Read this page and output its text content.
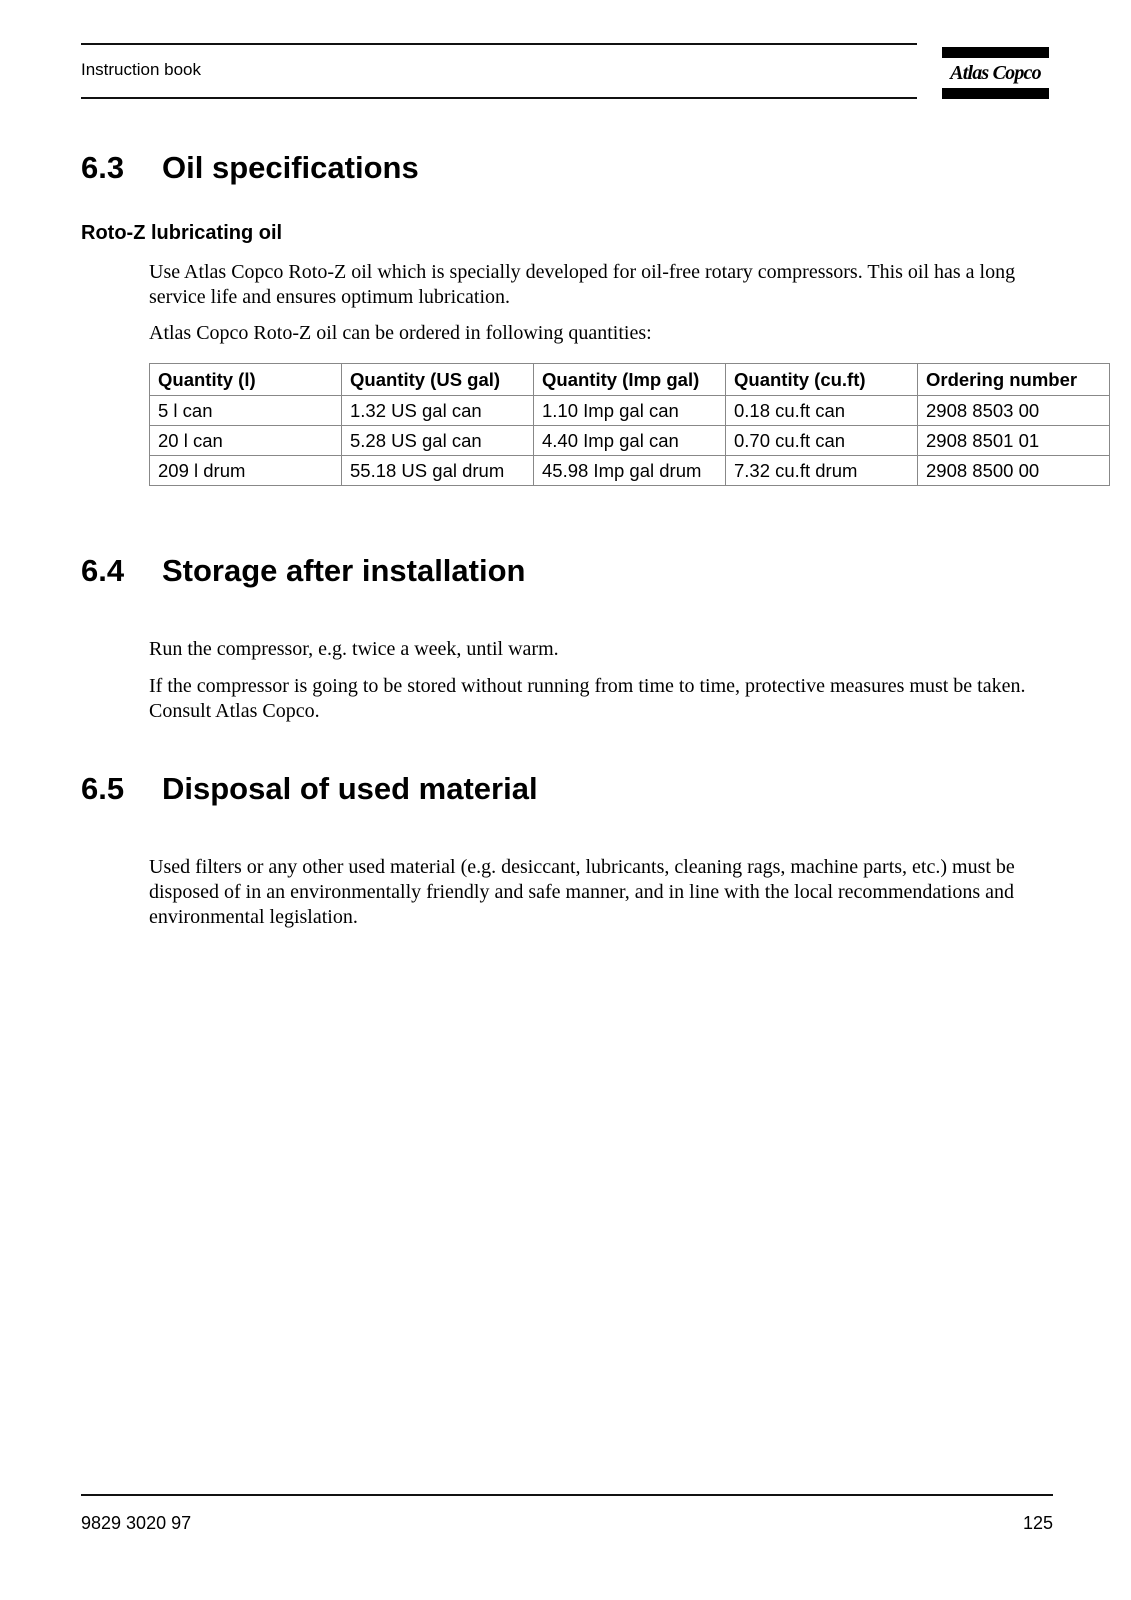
Instruction book	Atlas Copco
6.3 Oil specifications
Roto-Z lubricating oil

Use Atlas Copco Roto-Z oil which is specially developed for oil-free rotary compressors. This oil has a long service life and ensures optimum lubrication.

Atlas Copco Roto-Z oil can be ordered in following quantities:

Quantity (l)	Quantity (US gal)	Quantity (Imp gal)	Quantity (cu.ft)	Ordering number
5 l can	1.32 US gal can	1.10 Imp gal can	0.18 cu.ft can	2908 8503 00
20 l can	5.28 US gal can	4.40 Imp gal can	0.70 cu.ft can	2908 8501 01
209 l drum	55.18 US gal drum	45.98 Imp gal drum	7.32 cu.ft drum	2908 8500 00
6.4 Storage after installation

Run the compressor, e.g. twice a week, until warm.

If the compressor is going to be stored without running from time to time, protective measures must be taken. Consult Atlas Copco.

6.5 Disposal of used material

Used filters or any other used material (e.g. desiccant, lubricants, cleaning rags, machine parts, etc.) must be disposed of in an environmentally friendly and safe manner, and in line with the local recommendations and environmental legislation.

9829 3020 97	125
